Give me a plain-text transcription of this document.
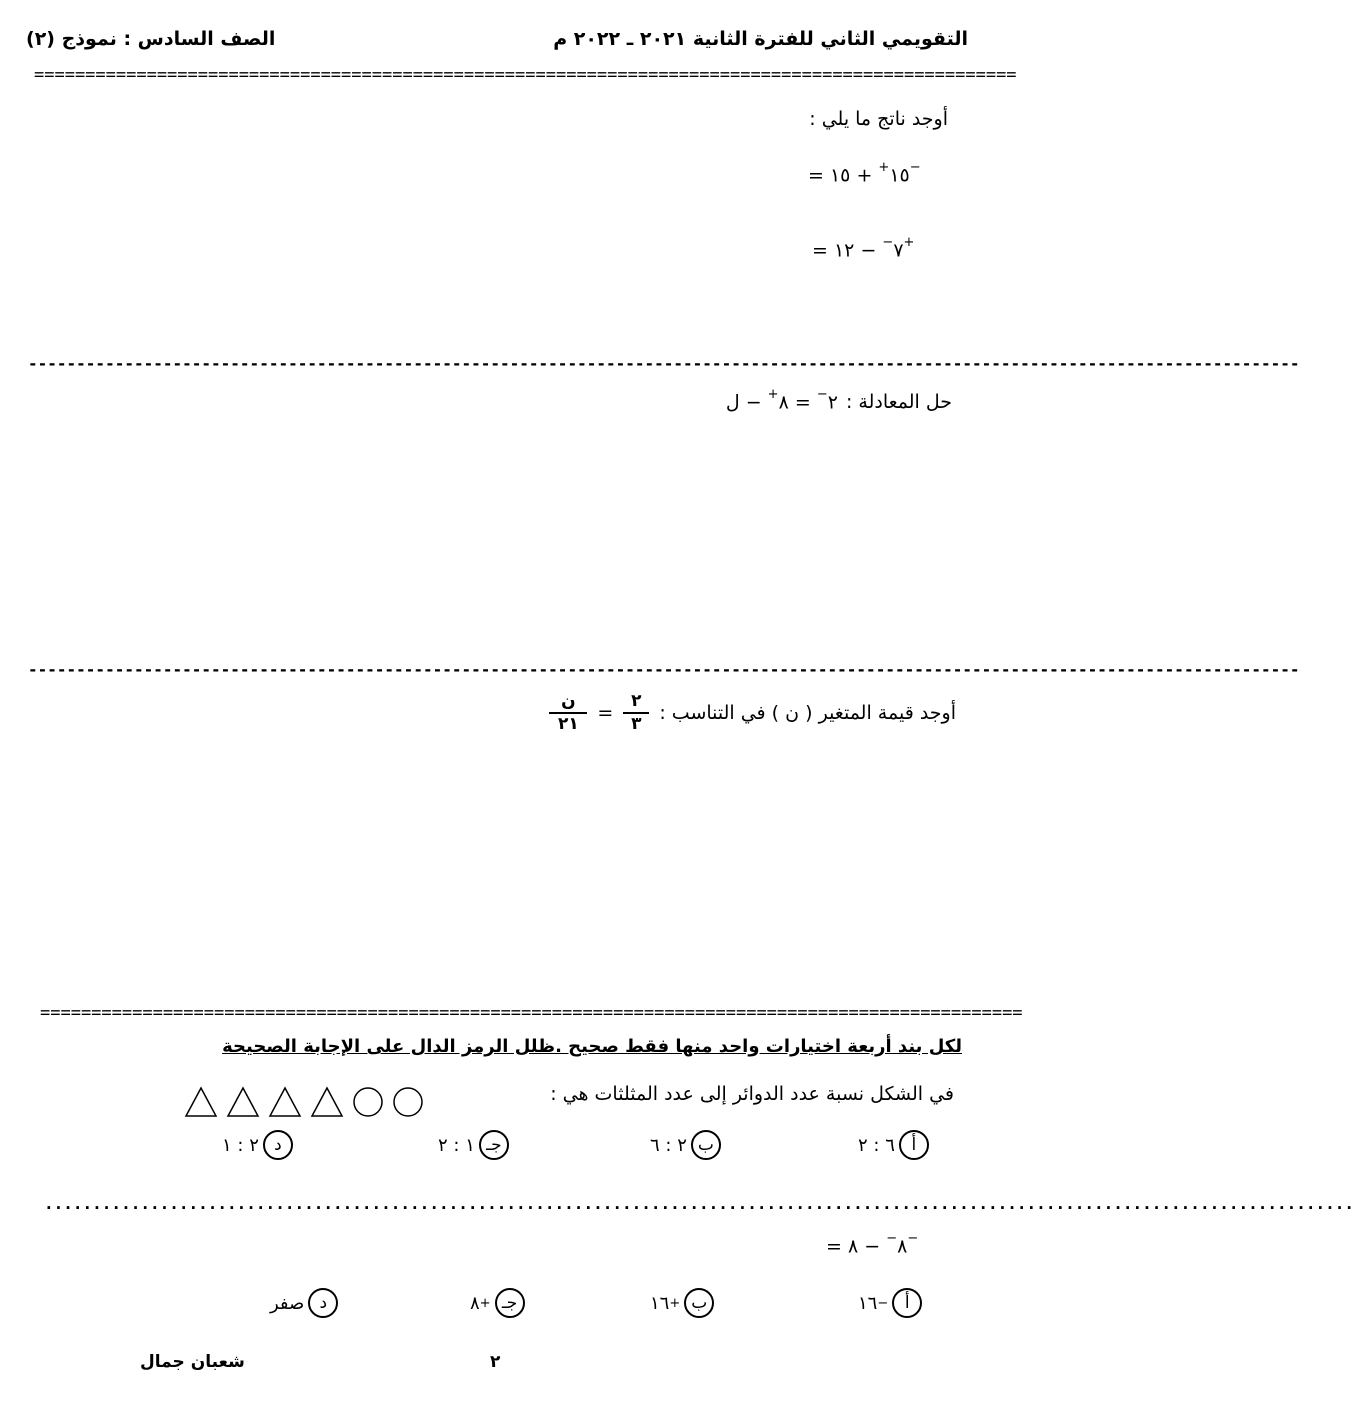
التقويمي الثاني للفترة الثانية ٢٠٢١ ـ ٢٠٢٢ م
الصف السادس : نموذج (٢)
================================================================================================
أوجد ناتج ما يلي :
=	١٥+ + ١٥	−
=	٧− − ١٢	+
------------------------------------------------------------------------------------------------------------------------------------
٢− = ٨+ − ل	حل المعادلة :
------------------------------------------------------------------------------------------------------------------------------------
$\frac{\text{ن}}{٢١} = \frac{٢}{٣}$ أوجد قيمة المتغير ( ن ) في التناسب :
================================================================================================
لكل بند أربعة اختيارات واحد منها فقط صحيح .ظلل الرمز الدال على الإجابة الصحيحة
في الشكل نسبة عدد الدوائر إلى عدد المثلثات هي :
٦ : ٢ أ
٢ : ٦ ب
١ : ٢ جـ
٢ : ١ د
........................................................................................................................................
=	٨− − ٨	−
١٦ − أ
١٦ + ب
٨ + جـ
صفر د
٢
شعبان جمال
